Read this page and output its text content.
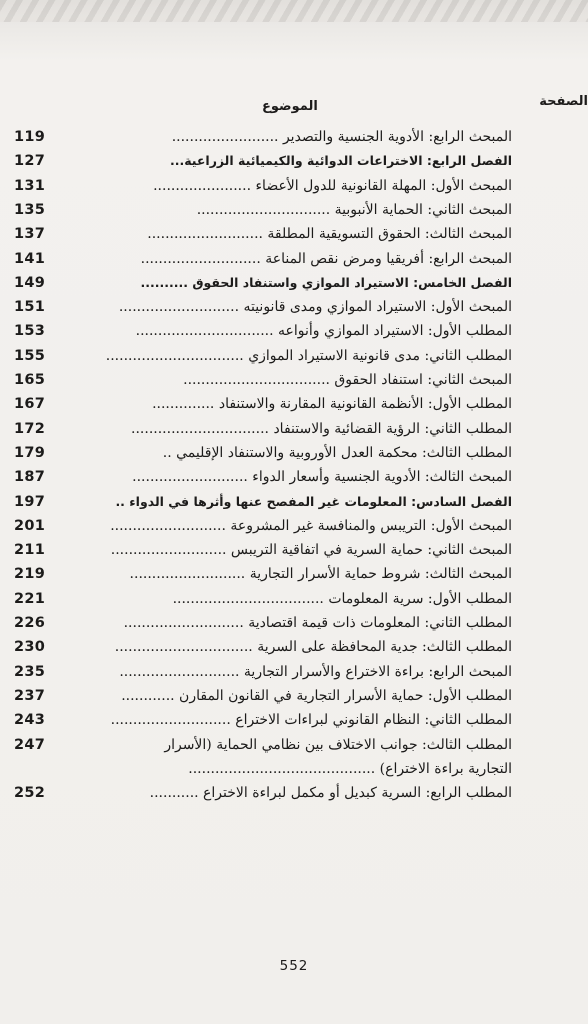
الصفحة
الموضوع
119	المبحث الرابع: الأدوية الجنسية والتصدير ........................
127	الفصل الرابع: الاختراعات الدوائية والكيميائية الزراعية...
131	المبحث الأول: المهلة القانونية للدول الأعضاء ......................
135	المبحث الثاني: الحماية الأنبوبية ..............................
137	المبحث الثالث: الحقوق التسويقية المطلقة ..........................
141	المبحث الرابع: أفريقيا ومرض نقص المناعة ...........................
149	الفصل الخامس: الاستيراد الموازي واستنفاد الحقوق ..........
151	المبحث الأول: الاستيراد الموازي ومدى قانونيته ...........................
153	المطلب الأول: الاستيراد الموازي وأنواعه ...............................
155	المطلب الثاني: مدى قانونية الاستيراد الموازي ...............................
165	المبحث الثاني: استنفاد الحقوق .................................
167	المطلب الأول: الأنظمة القانونية المقارنة والاستنفاد ..............
172	المطلب الثاني: الرؤية القضائية والاستنفاد ...............................
179	المطلب الثالث: محكمة العدل الأوروبية والاستنفاد الإقليمي ..
187	المبحث الثالث: الأدوية الجنسية وأسعار الدواء ..........................
197	الفصل السادس: المعلومات غير المفصح عنها وأثرها في الدواء ..
201	المبحث الأول: التريبس والمنافسة غير المشروعة ..........................
211	المبحث الثاني: حماية السرية في اتفاقية التريبس ..........................
219	المبحث الثالث: شروط حماية الأسرار التجارية ..........................
221	المطلب الأول: سرية المعلومات ..................................
226	المطلب الثاني: المعلومات ذات قيمة اقتصادية ...........................
230	المطلب الثالث: جدية المحافظة على السرية ...............................
235	المبحث الرابع: براءة الاختراع والأسرار التجارية ...........................
237	المطلب الأول: حماية الأسرار التجارية في القانون المقارن ............
243	المطلب الثاني: النظام القانوني لبراءات الاختراع ...........................
247	المطلب الثالث: جوانب الاختلاف بين نظامي الحماية (الأسرار
التجارية براءة الاختراع) ..........................................
252	المطلب الرابع: السرية كبديل أو مكمل لبراءة الاختراع ...........
552
